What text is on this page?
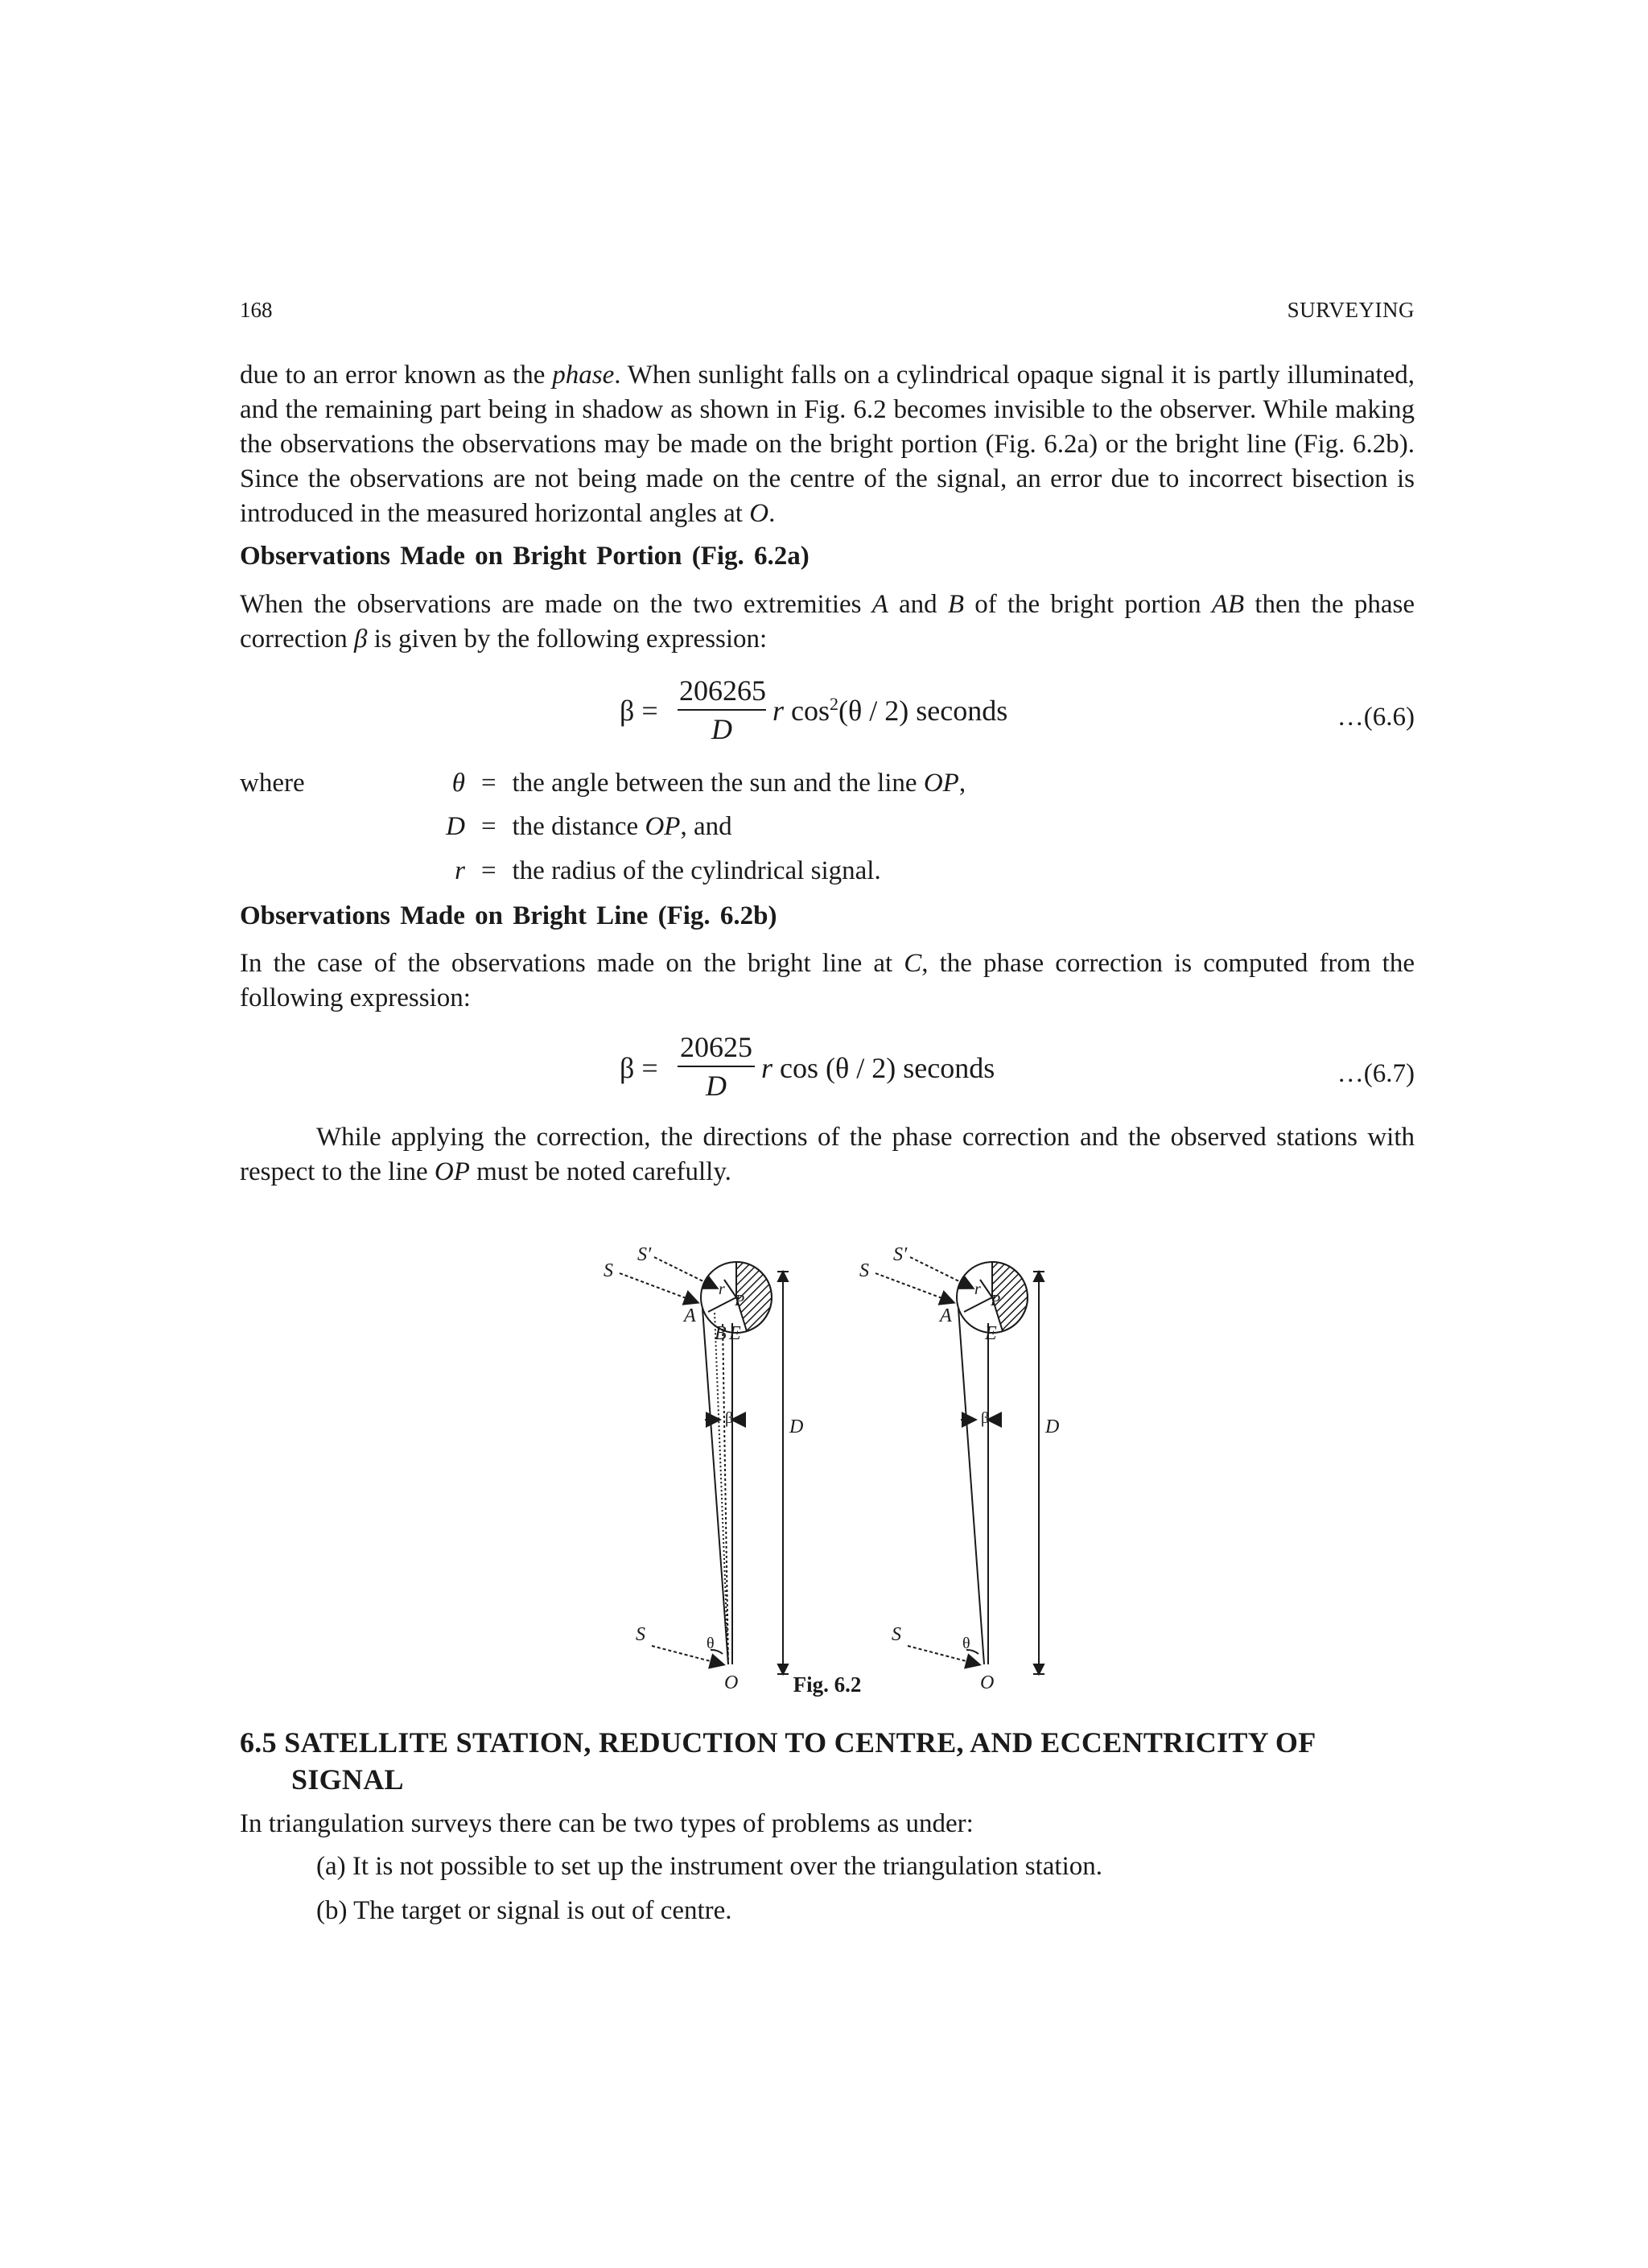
168	SURVEYING
due to an error known as the phase. When sunlight falls on a cylindrical opaque signal it is partly illuminated, and the remaining part being in shadow as shown in Fig. 6.2 becomes invisible to the observer. While making the observations the observations may be made on the bright portion (Fig. 6.2a) or the bright line (Fig. 6.2b). Since the observations are not being made on the centre of the signal, an error due to incorrect bisection is introduced in the measured horizontal angles at O.
Observations Made on Bright Portion (Fig. 6.2a)
When the observations are made on the two extremities A and B of the bright portion AB then the phase correction β is given by the following expression:
$\beta = \frac{206265}{D}$ r $\cos^2(\theta / 2)$ seconds	…(6.6)
where	θ = the angle between the sun and the line OP,
D = the distance OP, and
r = the radius of the cylindrical signal.
Observations Made on Bright Line (Fig. 6.2b)
In the case of the observations made on the bright line at C, the phase correction is computed from the following expression:
$\beta = \frac{20625}{D}$ r cos (θ / 2) seconds	…(6.7)
While applying the correction, the directions of the phase correction and the observed stations with respect to the line OP must be noted carefully.
S
S′
A
B E
r
P
D
β
S	θ
O
S
S′
A
E
r
P
D
β
S	θ
O
Fig. 6.2
6.5 SATELLITE STATION, REDUCTION TO CENTRE, AND ECCENTRICITY OF
SIGNAL
In triangulation surveys there can be two types of problems as under:
(a) It is not possible to set up the instrument over the triangulation station.
(b) The target or signal is out of centre.
